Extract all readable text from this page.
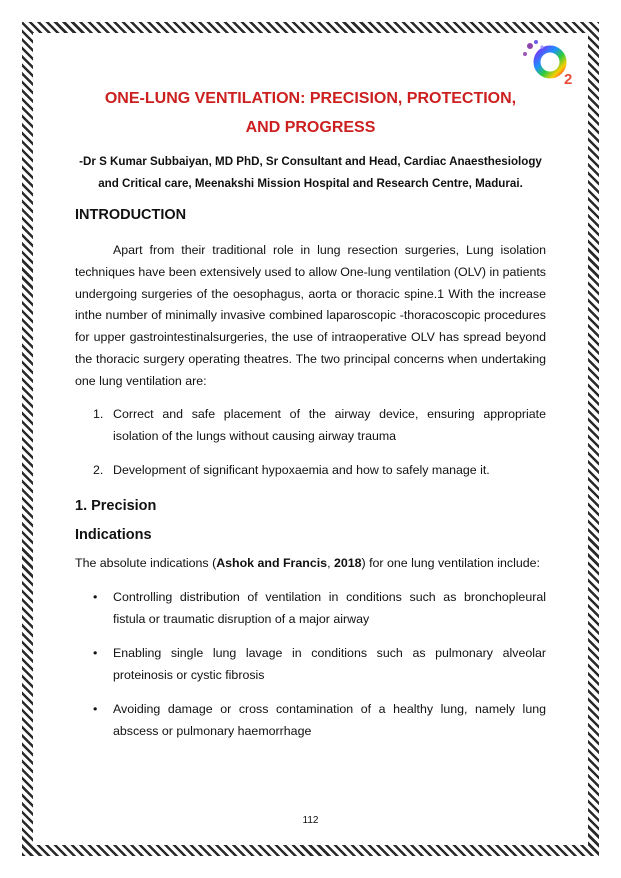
2
ONE-LUNG VENTILATION: PRECISION, PROTECTION,
AND PROGRESS
-Dr S Kumar Subbaiyan, MD PhD, Sr Consultant and Head, Cardiac Anaesthesiology
and Critical care, Meenakshi Mission Hospital and Research Centre, Madurai.
INTRODUCTION

Apart from their traditional role in lung resection surgeries, Lung isolation techniques have been extensively used to allow One-lung ventilation (OLV) in patients undergoing surgeries of the oesophagus, aorta or thoracic spine.1 With the increase inthe number of minimally invasive combined laparoscopic -thoracoscopic procedures for upper gastrointestinalsurgeries, the use of intraoperative OLV has spread beyond the thoracic surgery operating theatres. The two principal concerns when undertaking one lung ventilation are:

1. Correct and safe placement of the airway device, ensuring appropriate isolation of the lungs without causing airway trauma
2. Development of significant hypoxaemia and how to safely manage it.
1. Precision
Indications

The absolute indications (Ashok and Francis, 2018) for one lung ventilation include:

• Controlling distribution of ventilation in conditions such as bronchopleural fistula or traumatic disruption of a major airway
• Enabling single lung lavage in conditions such as pulmonary alveolar proteinosis or cystic fibrosis
• Avoiding damage or cross contamination of a healthy lung, namely lung abscess or pulmonary haemorrhage
112
